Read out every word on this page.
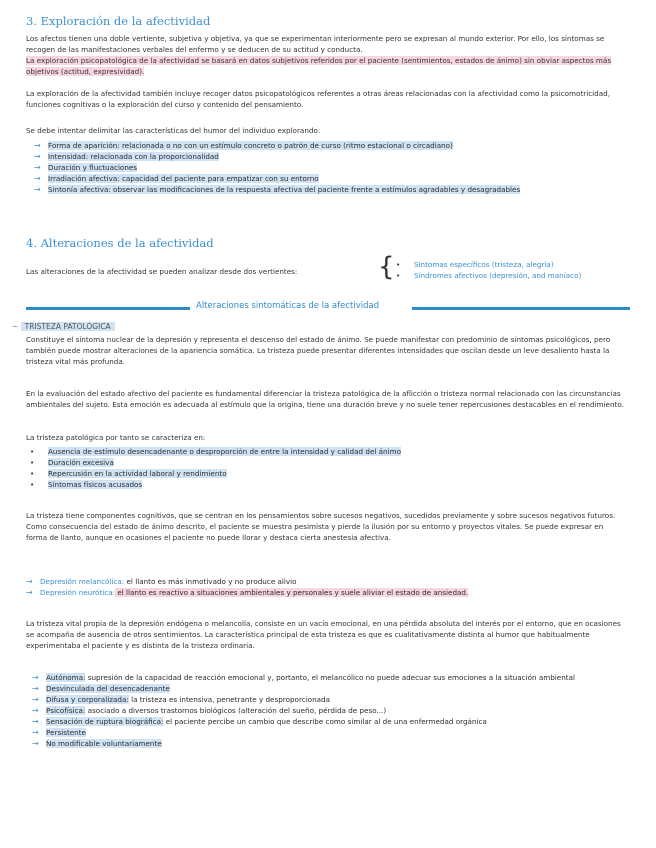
3. Exploración de la afectividad
Los afectos tienen una doble vertiente, subjetiva y objetiva, ya que se experimentan interiormente pero se expresan al mundo exterior. Por ello, los síntomas se recogen de las manifestaciones verbales del enfermo y se deducen de su actitud y conducta.
La exploración psicopatológica de la afectividad se basará en datos subjetivos referidos por el paciente (sentimientos, estados de ánimo) sin obviar aspectos más objetivos (actitud, expresividad).
La exploración de la afectividad también incluye recoger datos psicopatológicos referentes a otras áreas relacionadas con la afectividad como la psicomotricidad, funciones cognitivas o la exploración del curso y contenido del pensamiento.
Se debe intentar delimitar las características del humor del individuo explorando:
→ Forma de aparición: relacionada o no con un estímulo concreto o patrón de curso (ritmo estacional o circadiano)
→ Intensidad: relacionada con la proporcionalidad
→ Duración y fluctuaciones
→ Irradiación afectiva: capacidad del paciente para empatizar con su entorno
→ Sintonía afectiva: observar las modificaciones de la respuesta afectiva del paciente frente a estímulos agradables y desagradables
4. Alteraciones de la afectividad
Las alteraciones de la afectividad se pueden analizar desde dos vertientes:	{
•	Síntomas específicos (tristeza, alegría)
• Síndromes afectivos (depresión, and maníaco)
Alteraciones sintomáticas de la afectividad
~ TRISTEZA PATOLÓGICA
Constituye el síntoma nuclear de la depresión y representa el descenso del estado de ánimo. Se puede manifestar con predominio de síntomas psicológicos, pero también puede mostrar alteraciones de la apariencia somática. La tristeza puede presentar diferentes intensidades que oscilan desde un leve desaliento hasta la tristeza vital más profunda.
En la evaluación del estado afectivo del paciente es fundamental diferenciar la tristeza patológica de la aflicción o tristeza normal relacionada con las circunstancias ambientales del sujeto. Esta emoción es adecuada al estímulo que la origina, tiene una duración breve y no suele tener repercusiones destacables en el rendimiento.
La tristeza patológica por tanto se caracteriza en:
• Ausencia de estímulo desencadenante o desproporción de entre la intensidad y calidad del ánimo
• Duración excesiva
• Repercusión en la actividad laboral y rendimiento
• Síntomas físicos acusados
La tristeza tiene componentes cognitivos, que se centran en los pensamientos sobre sucesos negativos, sucedidos previamente y sobre sucesos negativos futuros. Como consecuencia del estado de ánimo descrito, el paciente se muestra pesimista y pierde la ilusión por su entorno y proyectos vitales. Se puede expresar en forma de llanto, aunque en ocasiones el paciente no puede llorar y destaca cierta anestesia afectiva.
→ Depresión melancólica: el llanto es más inmotivado y no produce alivio
→ Depresión neurótica: el llanto es reactivo a situaciones ambientales y personales y suele aliviar el estado de ansiedad.
La tristeza vital propia de la depresión endógena o melancolía, consiste en un vacío emocional, en una pérdida absoluta del interés por el entorno, que en ocasiones se acompaña de ausencia de otros sentimientos. La característica principal de esta tristeza es que es cualitativamente distinta al humor que habitualmente experimentaba el paciente y es distinta de la tristeza ordinaria.
→ Autónoma: supresión de la capacidad de reacción emocional y, portanto, el melancólico no puede adecuar sus emociones a la situación ambiental
→ Desvinculada del desencadenante
→ Difusa y corporalizada: la tristeza es intensiva, penetrante y desproporcionada
→ Psicofísica: asociado a diversos trastornos biológicos (alteración del sueño, pérdida de peso...)
→ Sensación de ruptura biográfica: el paciente percibe un cambio que describe como similar al de una enfermedad orgánica
→ Persistente
→ No modificable voluntariamente
